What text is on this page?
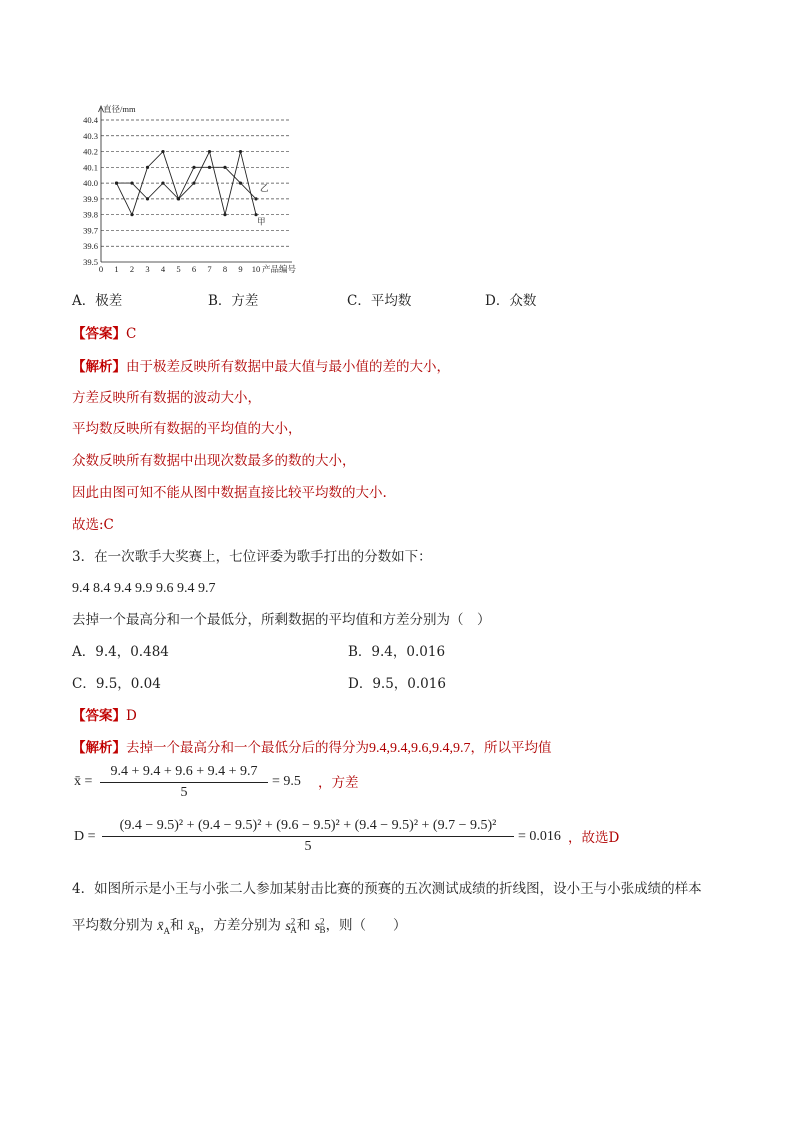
40.4
40.3
40.2
40.1
40.0
39.9
39.8
39.7
39.6
39.5
0 1 2 3 4 5 6 7 8 9 10
直径/mm
产品编号
甲
乙
A．极差	B．方差	C．平均数	D．众数
【答案】C
【解析】由于极差反映所有数据中最大值与最小值的差的大小，
方差反映所有数据的波动大小，
平均数反映所有数据的平均值的大小，
众数反映所有数据中出现次数最多的数的大小，
因此由图可知不能从图中数据直接比较平均数的大小.
故选:C
3．在一次歌手大奖赛上，七位评委为歌手打出的分数如下：
9.4 8.4 9.4 9.9 9.6 9.4 9.7
去掉一个最高分和一个最低分，所剩数据的平均值和方差分别为（　）
A．9.4，0.484	B．9.4，0.016
C．9.5，0.04	D．9.5，0.016
【答案】D
【解析】去掉一个最高分和一个最低分后的得分为9.4,9.4,9.6,9.4,9.7，所以平均值
x̄ =
9.4 + 9.4 + 9.6 + 9.4 + 9.7
5
= 9.5 ，方差
D =
(9.4 − 9.5)² + (9.4 − 9.5)² + (9.6 − 9.5)² + (9.4 − 9.5)² + (9.7 − 9.5)²
5
= 0.016 ，故选D
4．如图所示是小王与小张二人参加某射击比赛的预赛的五次测试成绩的折线图，设小王与小张成绩的样本
平均数分别为 $x̄_A$和 $x̄_B$，方差分别为 $s^2_A$和 $s^2_B$，则（　　）
